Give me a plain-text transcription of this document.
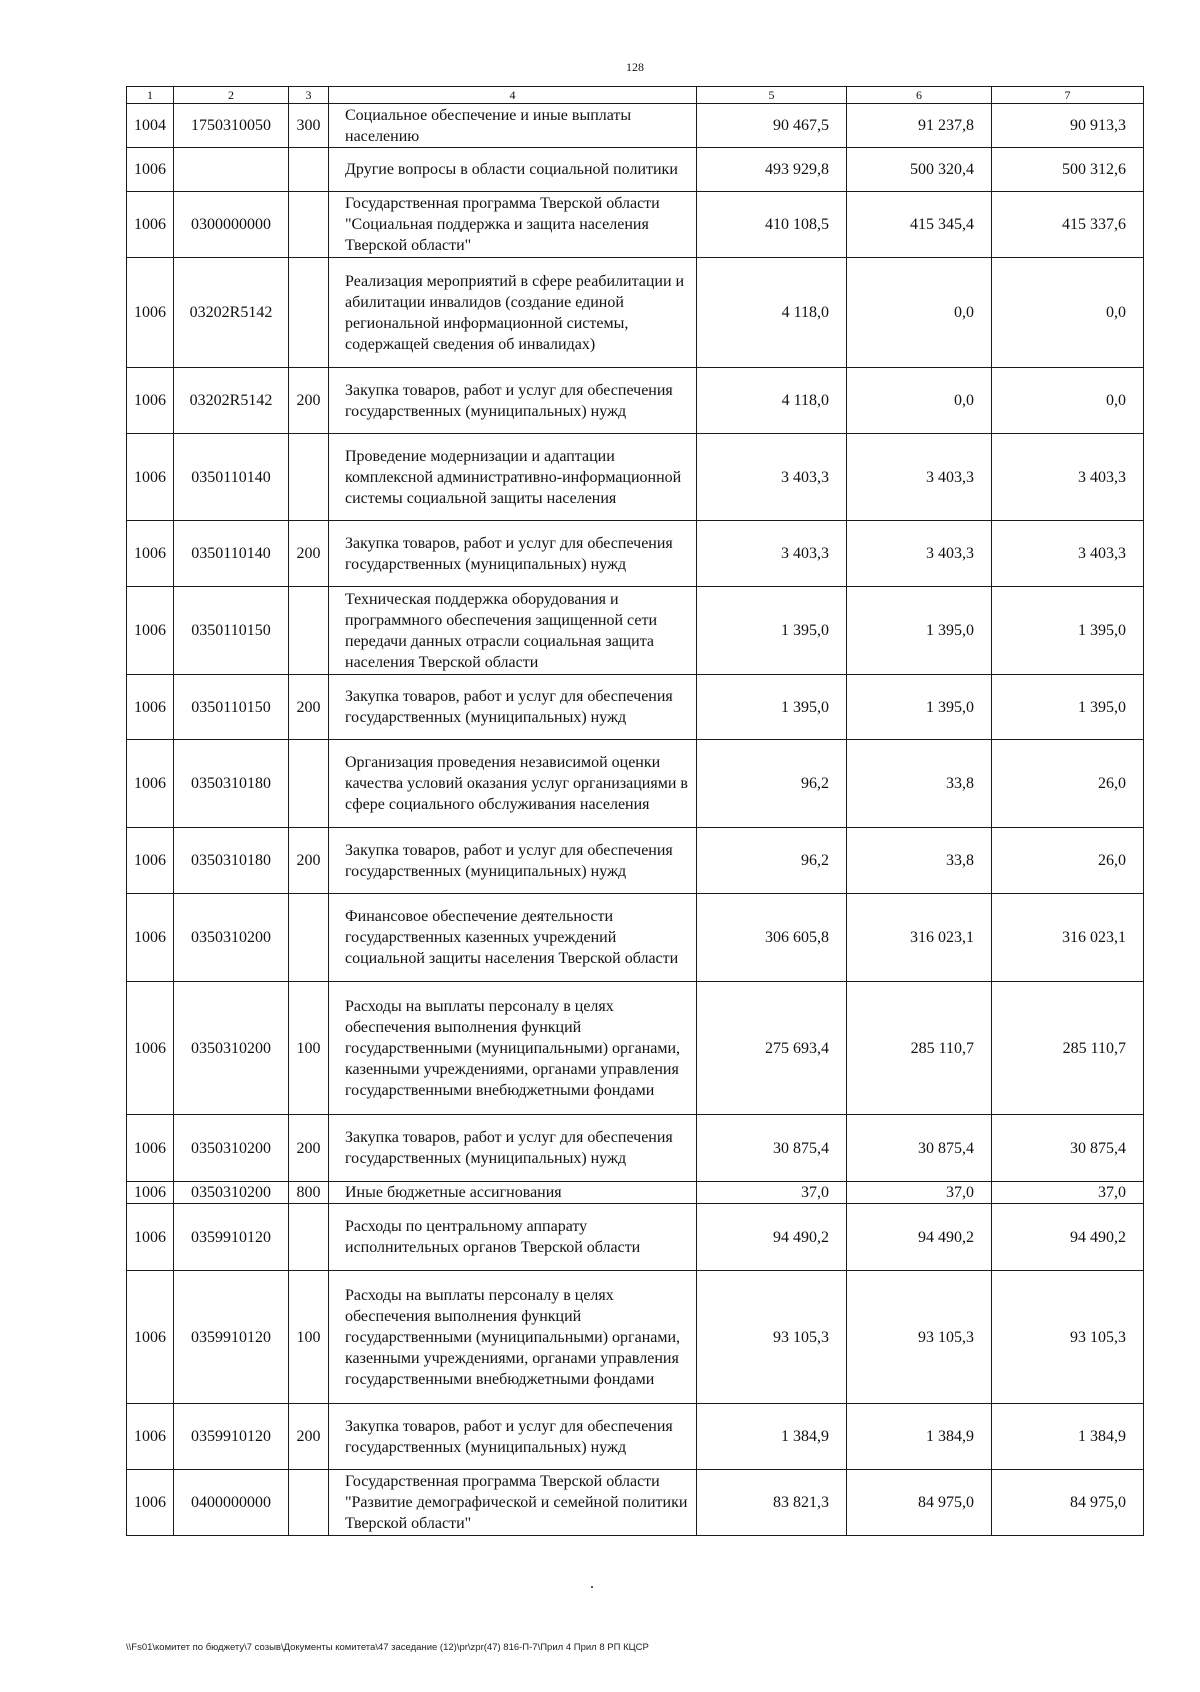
128
1	2	3	4	5	6	7
1004	1750310050	300	Социальное обеспечение и иные выплаты населению	90 467,5	91 237,8	90 913,3
1006			Другие вопросы в области социальной политики	493 929,8	500 320,4	500 312,6
1006	0300000000		Государственная программа Тверской области "Социальная поддержка и защита населения Тверской области"	410 108,5	415 345,4	415 337,6
1006	03202R5142		Реализация мероприятий в сфере реабилитации и абилитации инвалидов (создание единой региональной информационной системы, содержащей сведения об инвалидах)	4 118,0	0,0	0,0
1006	03202R5142	200	Закупка товаров, работ и услуг для обеспечения государственных (муниципальных) нужд	4 118,0	0,0	0,0
1006	0350110140		Проведение модернизации и адаптации комплексной административно-информационной системы социальной защиты населения	3 403,3	3 403,3	3 403,3
1006	0350110140	200	Закупка товаров, работ и услуг для обеспечения государственных (муниципальных) нужд	3 403,3	3 403,3	3 403,3
1006	0350110150		Техническая поддержка оборудования и программного обеспечения защищенной сети передачи данных отрасли социальная защита населения Тверской области	1 395,0	1 395,0	1 395,0
1006	0350110150	200	Закупка товаров, работ и услуг для обеспечения государственных (муниципальных) нужд	1 395,0	1 395,0	1 395,0
1006	0350310180		Организация проведения независимой оценки качества условий оказания услуг организациями в сфере социального обслуживания населения	96,2	33,8	26,0
1006	0350310180	200	Закупка товаров, работ и услуг для обеспечения государственных (муниципальных) нужд	96,2	33,8	26,0
1006	0350310200		Финансовое обеспечение деятельности государственных казенных учреждений социальной защиты населения Тверской области	306 605,8	316 023,1	316 023,1
1006	0350310200	100	Расходы на выплаты персоналу в целях обеспечения выполнения функций государственными (муниципальными) органами, казенными учреждениями, органами управления государственными внебюджетными фондами	275 693,4	285 110,7	285 110,7
1006	0350310200	200	Закупка товаров, работ и услуг для обеспечения государственных (муниципальных) нужд	30 875,4	30 875,4	30 875,4
1006	0350310200	800	Иные бюджетные ассигнования	37,0	37,0	37,0
1006	0359910120		Расходы по центральному аппарату исполнительных органов Тверской области	94 490,2	94 490,2	94 490,2
1006	0359910120	100	Расходы на выплаты персоналу в целях обеспечения выполнения функций государственными (муниципальными) органами, казенными учреждениями, органами управления государственными внебюджетными фондами	93 105,3	93 105,3	93 105,3
1006	0359910120	200	Закупка товаров, работ и услуг для обеспечения государственных (муниципальных) нужд	1 384,9	1 384,9	1 384,9
1006	0400000000		Государственная программа Тверской области "Развитие демографической и семейной политики Тверской области"	83 821,3	84 975,0	84 975,0
\\Fs01\комитет по бюджету\7 созыв\Документы комитета\47 заседание (12)\pr\zpr(47) 816-П-7\Прил 4 Прил 8 РП КЦСР
